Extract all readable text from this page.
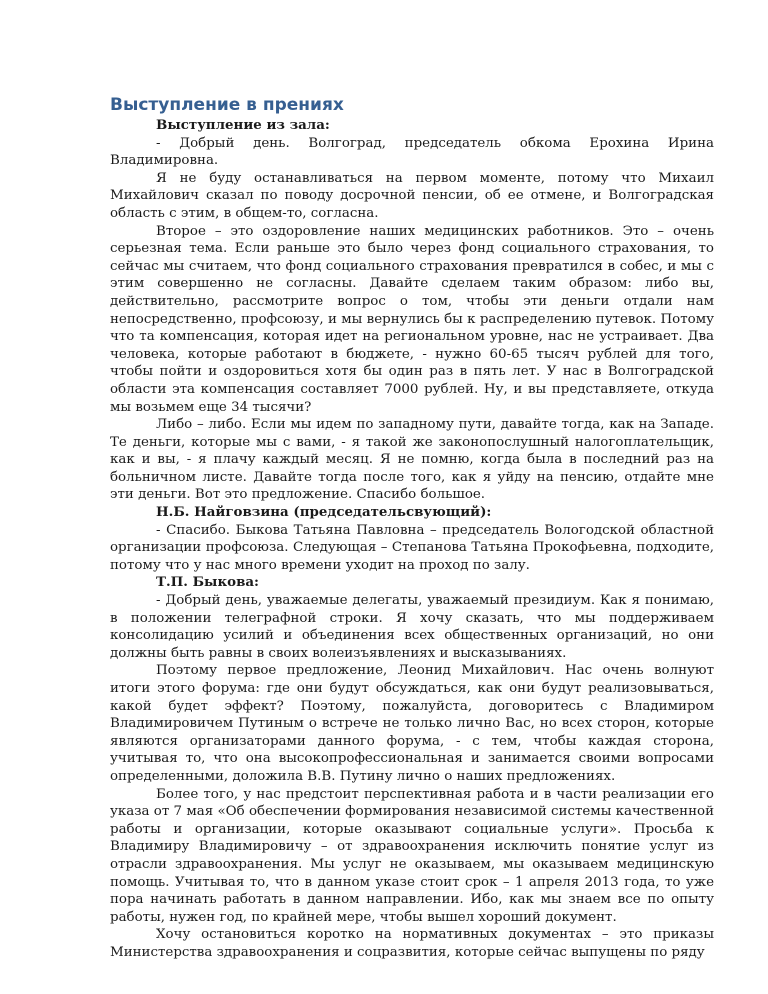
Выступление в прениях
Выступление из зала:

- Добрый день. Волгоград, председатель обкома Ерохина Ирина Владимировна.

Я не буду останавливаться на первом моменте, потому что Михаил Михайлович сказал по поводу досрочной пенсии, об ее отмене, и Волгоградская область с этим, в общем-то, согласна.

Второе – это оздоровление наших медицинских работников. Это – очень серьезная тема. Если раньше это было через фонд социального страхования, то сейчас мы считаем, что фонд социального страхования превратился в собес, и мы с этим совершенно не согласны. Давайте сделаем таким образом: либо вы, действительно, рассмотрите вопрос о том, чтобы эти деньги отдали нам непосредственно, профсоюзу, и мы вернулись бы к распределению путевок. Потому что та компенсация, которая идет на региональном уровне, нас не устраивает. Два человека, которые работают в бюджете, - нужно 60-65 тысяч рублей для того, чтобы пойти и оздоровиться хотя бы один раз в пять лет. У нас в Волгоградской области эта компенсация составляет 7000 рублей. Ну, и вы представляете, откуда мы возьмем еще 34 тысячи?

Либо – либо. Если мы идем по западному пути, давайте тогда, как на Западе. Те деньги, которые мы с вами, - я такой же законопослушный налогоплательщик, как и вы, - я плачу каждый месяц. Я не помню, когда была в последний раз на больничном листе. Давайте тогда после того, как я уйду на пенсию, отдайте мне эти деньги. Вот это предложение. Спасибо большое.

Н.Б. Найговзина (председательсвующий):

- Спасибо. Быкова Татьяна Павловна – председатель Вологодской областной организации профсоюза. Следующая – Степанова Татьяна Прокофьевна, подходите, потому что у нас много времени уходит на проход по залу.

Т.П. Быкова:

- Добрый день, уважаемые делегаты, уважаемый президиум. Как я понимаю, в положении телеграфной строки. Я хочу сказать, что мы поддерживаем консолидацию усилий и объединения всех общественных организаций, но они должны быть равны в своих волеизъявлениях и высказываниях.

Поэтому первое предложение, Леонид Михайлович. Нас очень волнуют итоги этого форума: где они будут обсуждаться, как они будут реализовываться, какой будет эффект? Поэтому, пожалуйста, договоритесь с Владимиром Владимировичем Путиным о встрече не только лично Вас, но всех сторон, которые являются организаторами данного форума, - с тем, чтобы каждая сторона, учитывая то, что она высокопрофессиональная и занимается своими вопросами определенными, доложила В.В. Путину лично о наших предложениях.

Более того, у нас предстоит перспективная работа и в части реализации его указа от 7 мая «Об обеспечении формирования независимой системы качественной работы и организации, которые оказывают социальные услуги». Просьба к Владимиру Владимировичу – от здравоохранения исключить понятие услуг из отрасли здравоохранения. Мы услуг не оказываем, мы оказываем медицинскую помощь. Учитывая то, что в данном указе стоит срок – 1 апреля 2013 года, то уже пора начинать работать в данном направлении. Ибо, как мы знаем все по опыту работы, нужен год, по крайней мере, чтобы вышел хороший документ.

Хочу остановиться коротко на нормативных документах – это приказы Министерства здравоохранения и соцразвития, которые сейчас выпущены по ряду
